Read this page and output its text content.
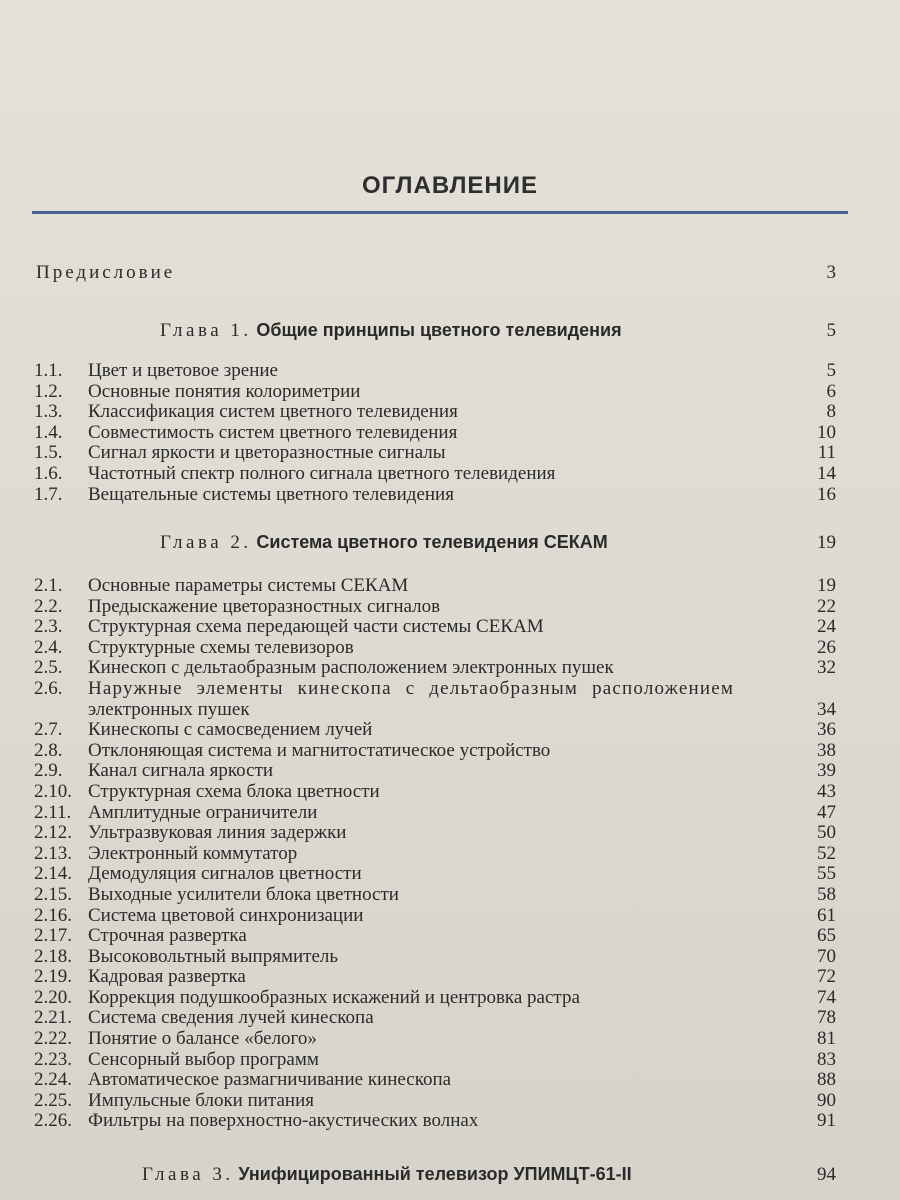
ОГЛАВЛЕНИЕ
Предисловие	3
Глава 1. Общие принципы цветного телевидения	5
1.1. Цвет и цветовое зрение	5
1.2. Основные понятия колориметрии	6
1.3. Классификация систем цветного телевидения	8
1.4. Совместимость систем цветного телевидения	10
1.5. Сигнал яркости и цветоразностные сигналы	11
1.6. Частотный спектр полного сигнала цветного телевидения	14
1.7. Вещательные системы цветного телевидения	16
Глава 2. Система цветного телевидения СЕКАМ	19
2.1. Основные параметры системы СЕКАМ	19
2.2. Предыскажение цветоразностных сигналов	22
2.3. Структурная схема передающей части системы СЕКАМ	24
2.4. Структурные схемы телевизоров	26
2.5. Кинескоп с дельтаобразным расположением электронных пушек	32
2.6. Наружные элементы кинескопа с дельтаобразным расположением
электронных пушек	34
2.7. Кинескопы с самосведением лучей	36
2.8. Отклоняющая система и магнитостатическое устройство	38
2.9. Канал сигнала яркости	39
2.10. Структурная схема блока цветности	43
2.11. Амплитудные ограничители	47
2.12. Ультразвуковая линия задержки	50
2.13. Электронный коммутатор	52
2.14. Демодуляция сигналов цветности	55
2.15. Выходные усилители блока цветности	58
2.16. Система цветовой синхронизации	61
2.17. Строчная развертка	65
2.18. Высоковольтный выпрямитель	70
2.19. Кадровая развертка	72
2.20. Коррекция подушкообразных искажений и центровка растра	74
2.21. Система сведения лучей кинескопа	78
2.22. Понятие о балансе «белого»	81
2.23. Сенсорный выбор программ	83
2.24. Автоматическое размагничивание кинескопа	88
2.25. Импульсные блоки питания	90
2.26. Фильтры на поверхностно-акустических волнах	91
Глава 3. Унифицированный телевизор УПИМЦТ-61-II	94
